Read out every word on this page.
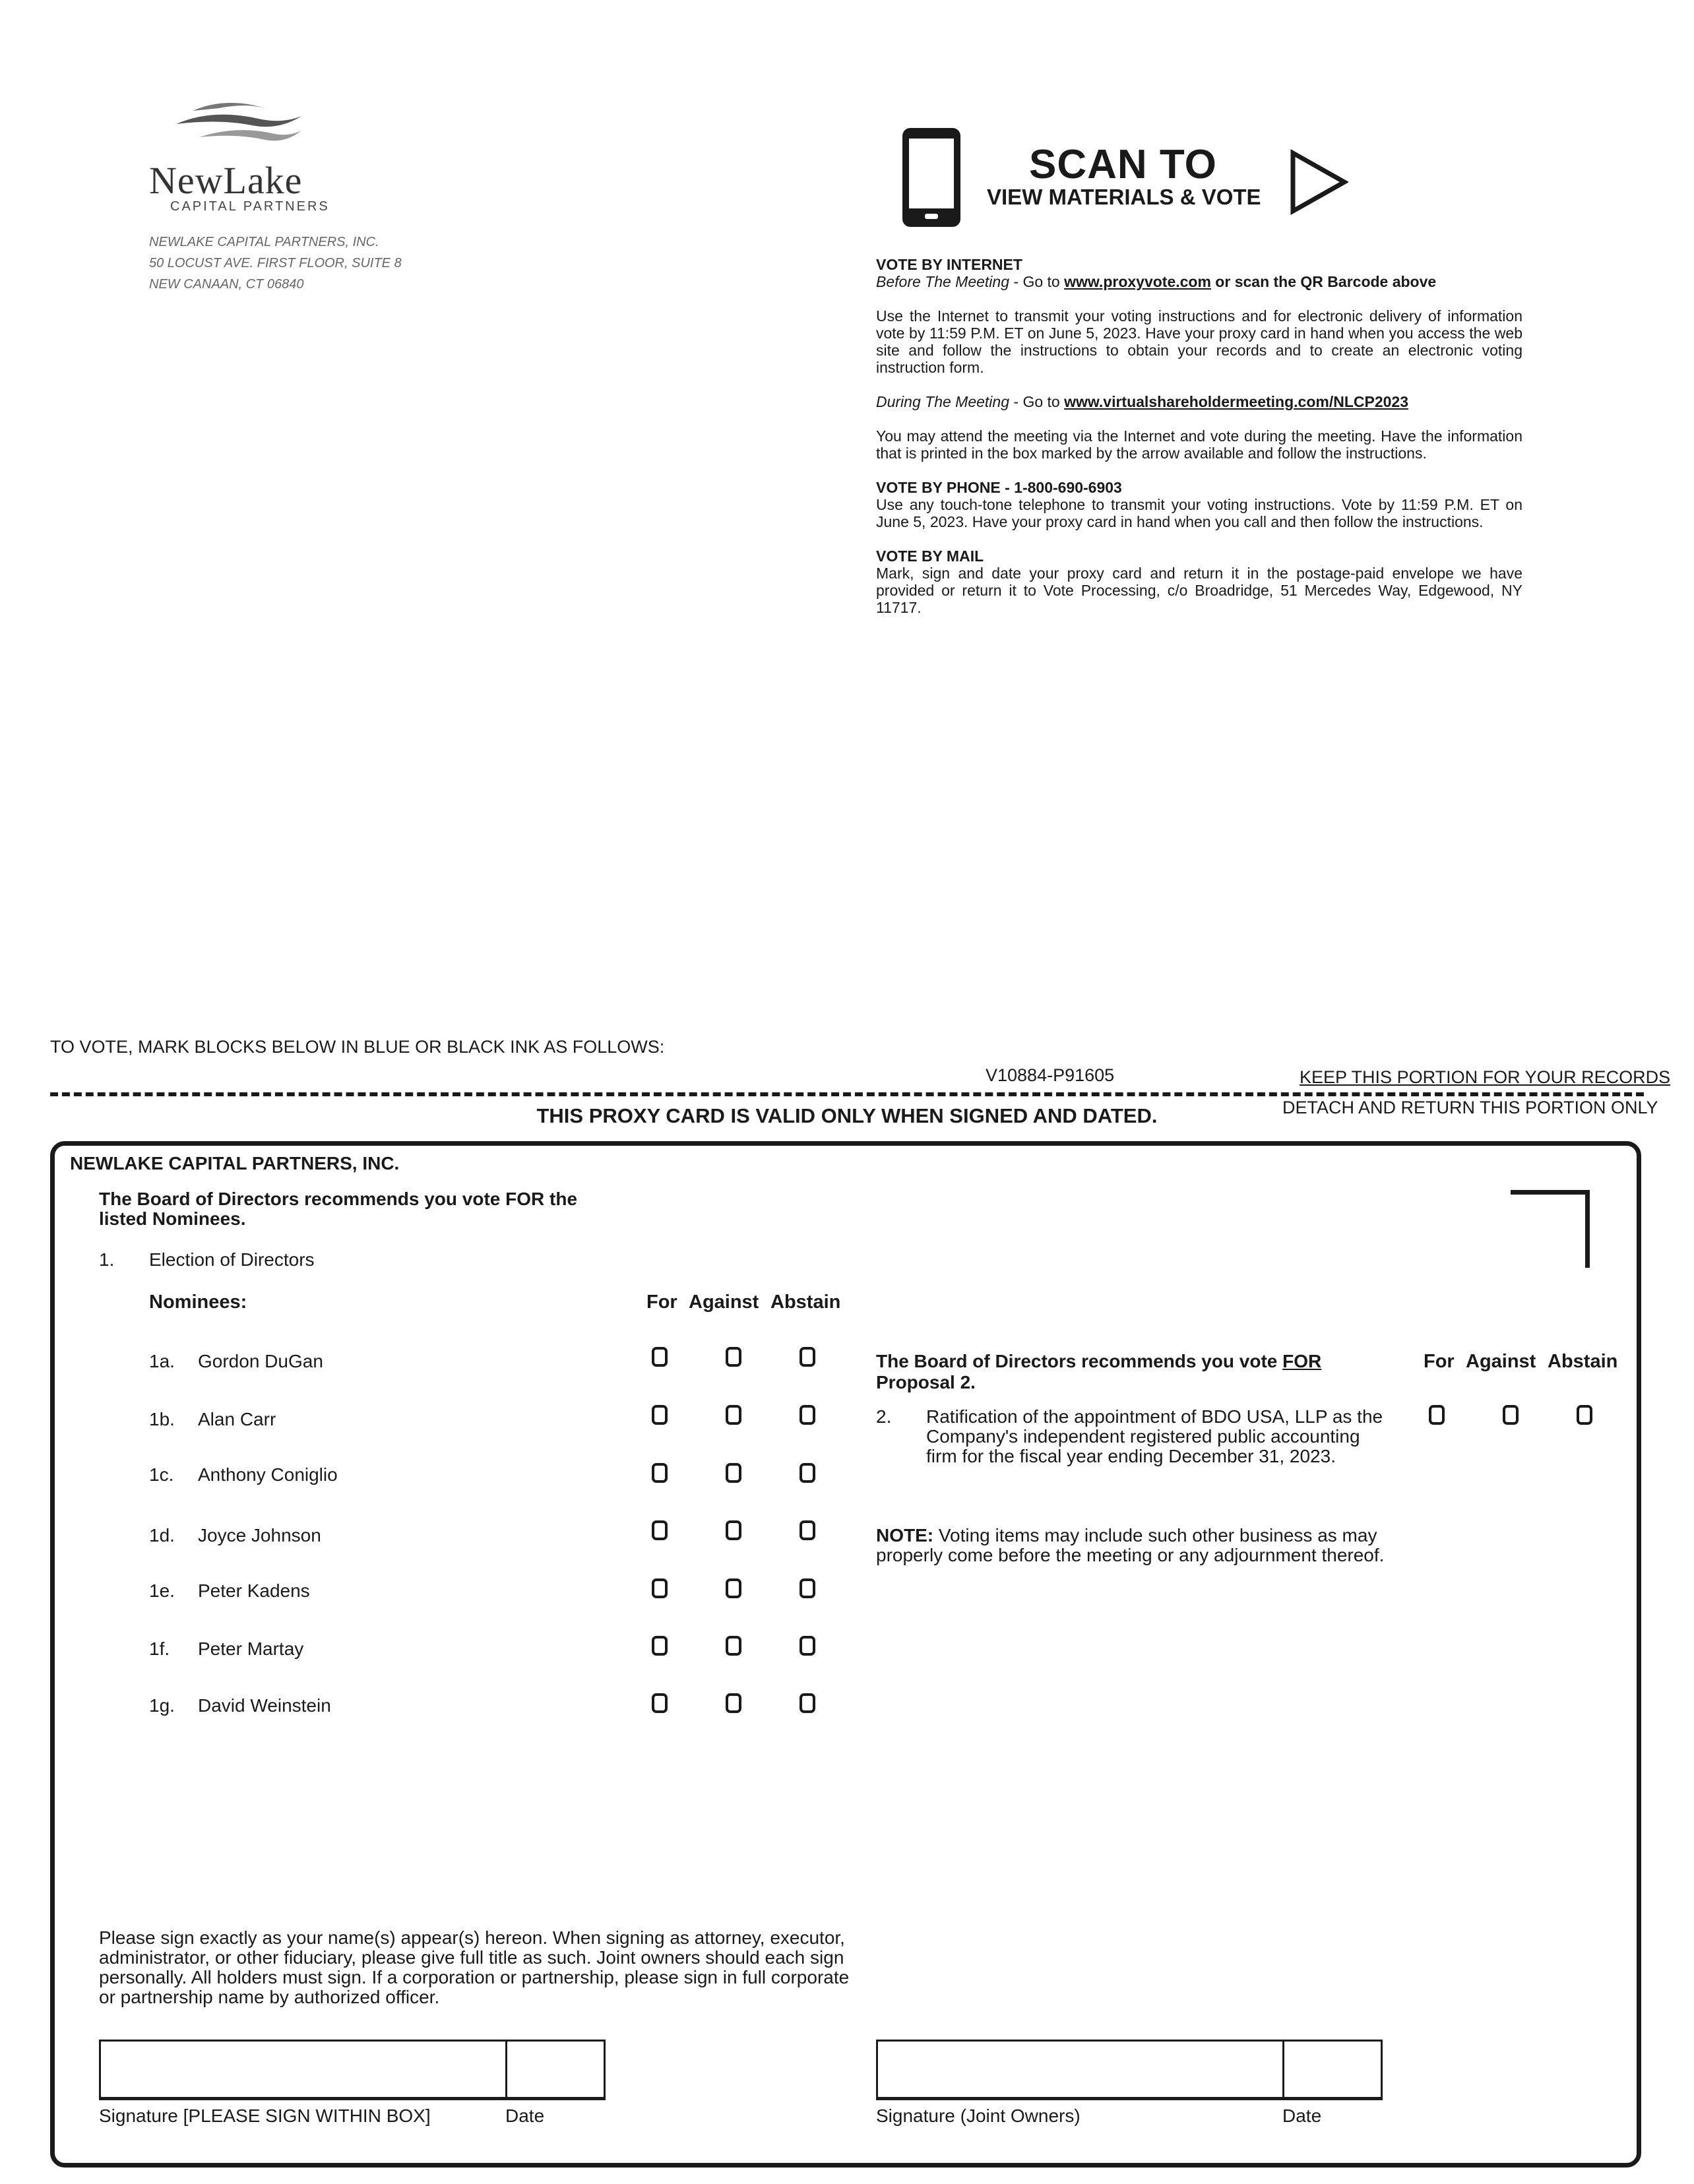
NewLake
CAPITAL PARTNERS
NEWLAKE CAPITAL PARTNERS, INC.
50 LOCUST AVE. FIRST FLOOR, SUITE 8
NEW CANAAN, CT 06840
SCAN TO
VIEW MATERIALS & VOTE
VOTE BY INTERNET
Before The Meeting - Go to www.proxyvote.com or scan the QR Barcode above
Use the Internet to transmit your voting instructions and for electronic delivery of information vote by 11:59 P.M. ET on June 5, 2023. Have your proxy card in hand when you access the web site and follow the instructions to obtain your records and to create an electronic voting instruction form.
During The Meeting - Go to www.virtualshareholdermeeting.com/NLCP2023
You may attend the meeting via the Internet and vote during the meeting. Have the information that is printed in the box marked by the arrow available and follow the instructions.
VOTE BY PHONE - 1-800-690-6903
Use any touch-tone telephone to transmit your voting instructions. Vote by 11:59 P.M. ET on June 5, 2023. Have your proxy card in hand when you call and then follow the instructions.
VOTE BY MAIL
Mark, sign and date your proxy card and return it in the postage-paid envelope we have provided or return it to Vote Processing, c/o Broadridge, 51 Mercedes Way, Edgewood, NY 11717.
TO VOTE, MARK BLOCKS BELOW IN BLUE OR BLACK INK AS FOLLOWS:
V10884-P91605	KEEP THIS PORTION FOR YOUR RECORDS
THIS PROXY CARD IS VALID ONLY WHEN SIGNED AND DATED.	DETACH AND RETURN THIS PORTION ONLY
NEWLAKE CAPITAL PARTNERS, INC.
The Board of Directors recommends you vote FOR the
listed Nominees.
1. Election of Directors
Nominees:	For Against Abstain
1a. Gordon DuGan
1b. Alan Carr
1c. Anthony Coniglio
1d. Joyce Johnson
1e. Peter Kadens
1f. Peter Martay
1g. David Weinstein
The Board of Directors recommends you vote FOR
Proposal 2.
For Against Abstain
2. Ratification of the appointment of BDO USA, LLP as the
Company's independent registered public accounting
firm for the fiscal year ending December 31, 2023.
NOTE: Voting items may include such other business as may
properly come before the meeting or any adjournment thereof.
Please sign exactly as your name(s) appear(s) hereon. When signing as attorney, executor,
administrator, or other fiduciary, please give full title as such. Joint owners should each sign
personally. All holders must sign. If a corporation or partnership, please sign in full corporate
or partnership name by authorized officer.
Signature [PLEASE SIGN WITHIN BOX]	Date	Signature (Joint Owners)	Date
